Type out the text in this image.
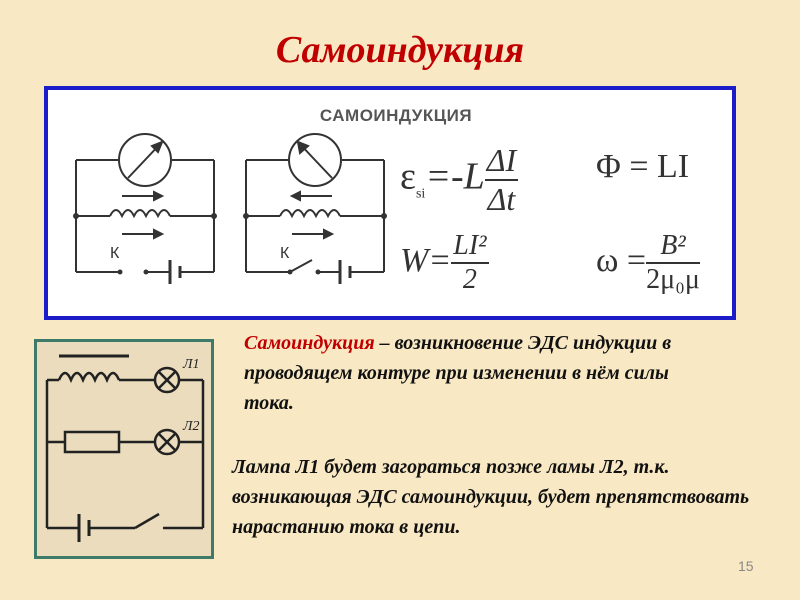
Самоиндукция
САМОИНДУКЦИЯ
К	К
$\varepsilon_{si}=-L \frac{\Delta I}{\Delta t}$ Φ = LI
$W= \frac{\text{LI²}}{2}$	$\omega = \frac{\text{B²}}{\text{2μ₀μ}}$
Л1
Л2
Самоиндукция – возникновение ЭДС индукции в проводящем контуре при изменении в нём силы тока.
Лампа Л1 будет загораться позже ламы Л2, т.к. возникающая ЭДС самоиндукции, будет препятствовать нарастанию тока в цепи.
15
